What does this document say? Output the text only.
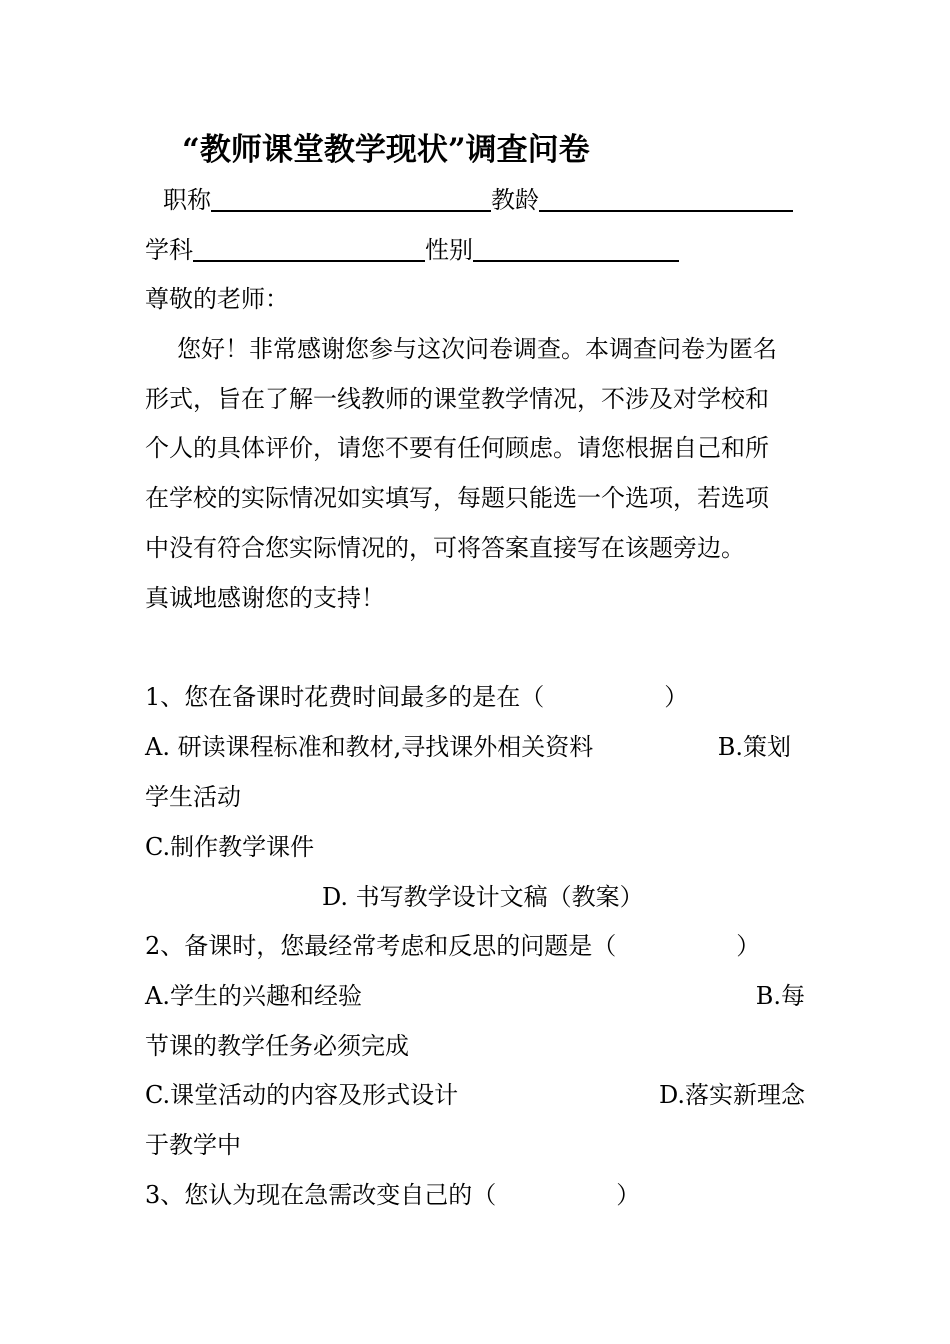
“教师课堂教学现状”调查问卷
职称	教龄
学科	性别
尊敬的老师：
您好！非常感谢您参与这次问卷调查。本调查问卷为匿名
形式，旨在了解一线教师的课堂教学情况，不涉及对学校和
个人的具体评价，请您不要有任何顾虑。请您根据自己和所
在学校的实际情况如实填写，每题只能选一个选项，若选项
中没有符合您实际情况的，可将答案直接写在该题旁边。
真诚地感谢您的支持！
1、您在备课时花费时间最多的是在（　　　　　）
A. 研读课程标准和教材,寻找课外相关资料	B.策划
学生活动
C.制作教学课件
D. 书写教学设计文稿（教案）
2、备课时，您最经常考虑和反思的问题是（　　　　　）
A.学生的兴趣和经验	B.每
节课的教学任务必须完成
C.课堂活动的内容及形式设计	D.落实新理念
于教学中
3、您认为现在急需改变自己的（　　　　　）
